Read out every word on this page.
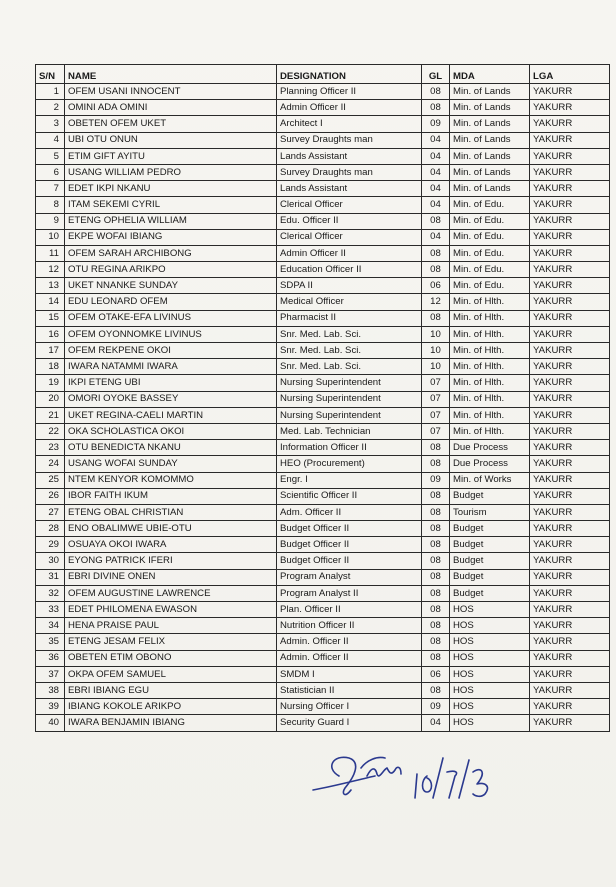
S/N	NAME	DESIGNATION	GL	MDA	LGA
1	OFEM USANI INNOCENT	Planning Officer II	08	Min. of Lands	YAKURR
2	OMINI ADA OMINI	Admin Officer II	08	Min. of Lands	YAKURR
3	OBETEN OFEM UKET	Architect I	09	Min. of Lands	YAKURR
4	UBI OTU ONUN	Survey Draughts man	04	Min. of Lands	YAKURR
5	ETIM GIFT AYITU	Lands Assistant	04	Min. of Lands	YAKURR
6	USANG WILLIAM PEDRO	Survey Draughts man	04	Min. of Lands	YAKURR
7	EDET IKPI NKANU	Lands Assistant	04	Min. of Lands	YAKURR
8	ITAM SEKEMI CYRIL	Clerical Officer	04	Min. of Edu.	YAKURR
9	ETENG OPHELIA WILLIAM	Edu. Officer II	08	Min. of Edu.	YAKURR
10	EKPE WOFAI IBIANG	Clerical Officer	04	Min. of Edu.	YAKURR
11	OFEM SARAH ARCHIBONG	Admin Officer II	08	Min. of Edu.	YAKURR
12	OTU REGINA ARIKPO	Education Officer II	08	Min. of Edu.	YAKURR
13	UKET NNANKE SUNDAY	SDPA II	06	Min. of Edu.	YAKURR
14	EDU LEONARD OFEM	Medical Officer	12	Min. of Hlth.	YAKURR
15	OFEM OTAKE-EFA LIVINUS	Pharmacist II	08	Min. of Hlth.	YAKURR
16	OFEM OYONNOMKE LIVINUS	Snr. Med. Lab. Sci.	10	Min. of Hlth.	YAKURR
17	OFEM REKPENE OKOI	Snr. Med. Lab. Sci.	10	Min. of Hlth.	YAKURR
18	IWARA NATAMMI IWARA	Snr. Med. Lab. Sci.	10	Min. of Hlth.	YAKURR
19	IKPI ETENG UBI	Nursing Superintendent	07	Min. of Hlth.	YAKURR
20	OMORI OYOKE BASSEY	Nursing Superintendent	07	Min. of Hlth.	YAKURR
21	UKET REGINA-CAELI MARTIN	Nursing Superintendent	07	Min. of Hlth.	YAKURR
22	OKA SCHOLASTICA OKOI	Med. Lab. Technician	07	Min. of Hlth.	YAKURR
23	OTU BENEDICTA NKANU	Information Officer II	08	Due Process	YAKURR
24	USANG WOFAI SUNDAY	HEO (Procurement)	08	Due Process	YAKURR
25	NTEM KENYOR KOMOMMO	Engr. I	09	Min. of Works	YAKURR
26	IBOR FAITH IKUM	Scientific Officer II	08	Budget	YAKURR
27	ETENG OBAL CHRISTIAN	Adm. Officer II	08	Tourism	YAKURR
28	ENO OBALIMWE UBIE-OTU	Budget Officer II	08	Budget	YAKURR
29	OSUAYA OKOI IWARA	Budget Officer II	08	Budget	YAKURR
30	EYONG PATRICK IFERI	Budget Officer II	08	Budget	YAKURR
31	EBRI DIVINE ONEN	Program Analyst	08	Budget	YAKURR
32	OFEM AUGUSTINE LAWRENCE	Program Analyst II	08	Budget	YAKURR
33	EDET PHILOMENA EWASON	Plan. Officer II	08	HOS	YAKURR
34	HENA PRAISE PAUL	Nutrition Officer II	08	HOS	YAKURR
35	ETENG JESAM FELIX	Admin. Officer II	08	HOS	YAKURR
36	OBETEN ETIM OBONO	Admin. Officer II	08	HOS	YAKURR
37	OKPA OFEM SAMUEL	SMDM I	06	HOS	YAKURR
38	EBRI IBIANG EGU	Statistician II	08	HOS	YAKURR
39	IBIANG KOKOLE ARIKPO	Nursing Officer I	09	HOS	YAKURR
40	IWARA BENJAMIN IBIANG	Security Guard I	04	HOS	YAKURR
